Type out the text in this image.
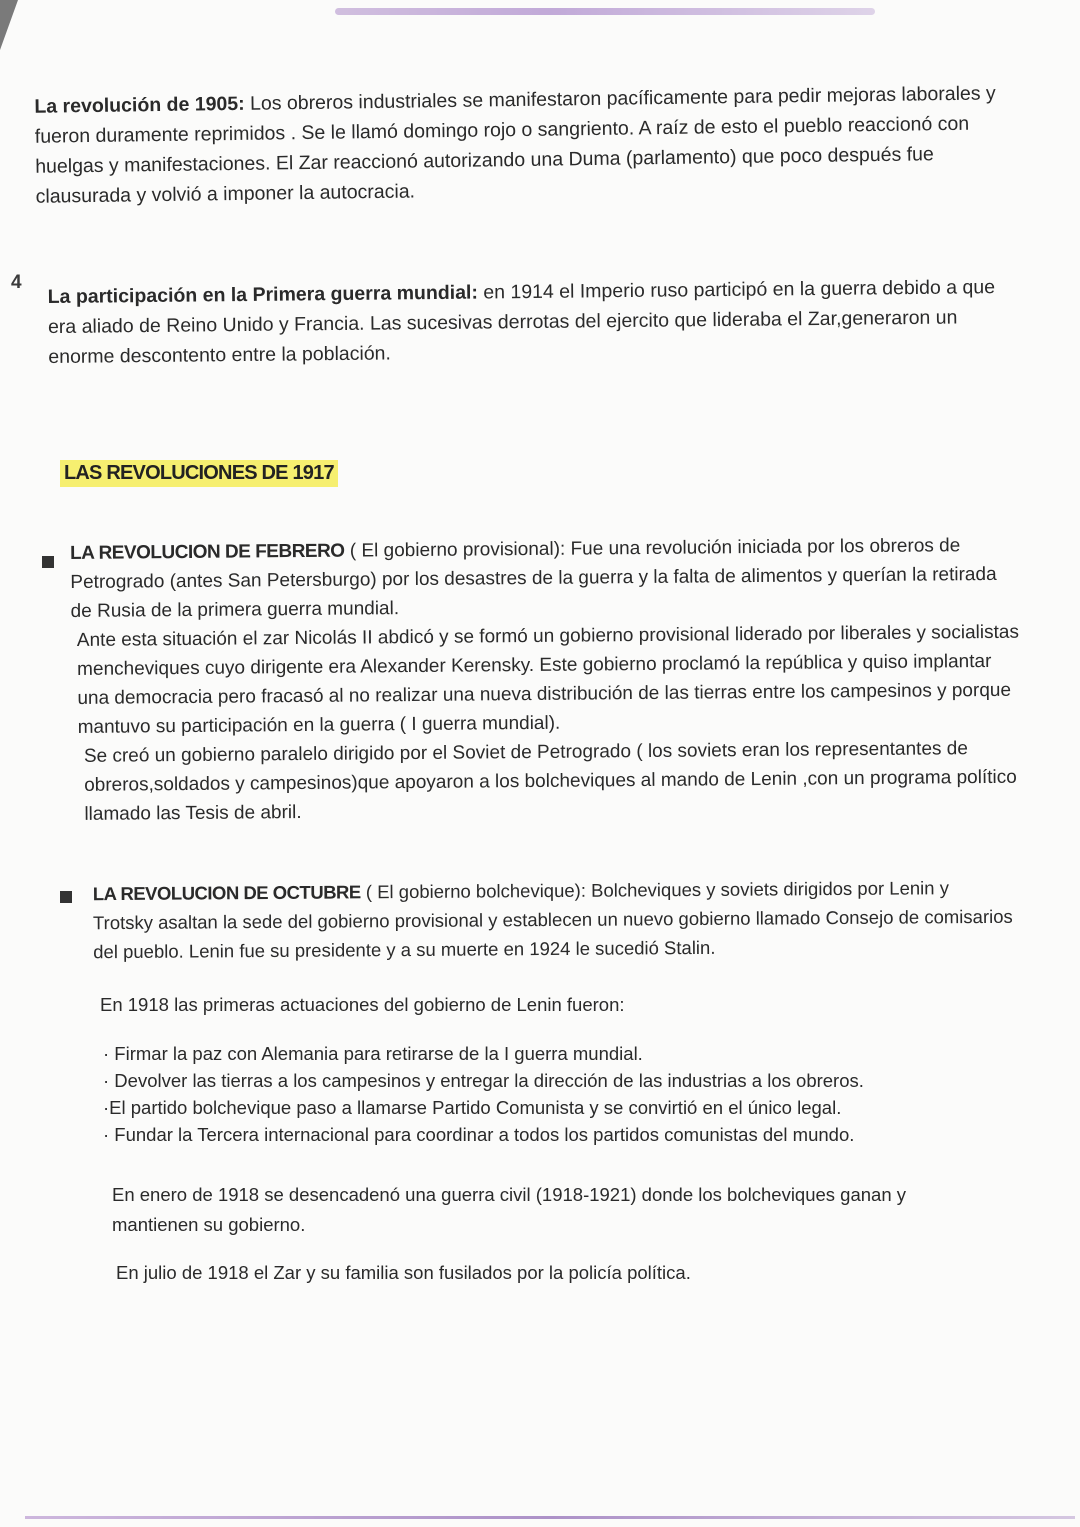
La revolución de 1905: Los obreros industriales se manifestaron pacíficamente para pedir mejoras laborales y fueron duramente reprimidos . Se le llamó domingo rojo o sangriento. A raíz de esto el pueblo reaccionó con huelgas y manifestaciones. El Zar reaccionó autorizando una Duma (parlamento) que poco después fue clausurada y volvió a imponer la autocracia.

4 La participación en la Primera guerra mundial: en 1914 el Imperio ruso participó en la guerra debido a que era aliado de Reino Unido y Francia. Las sucesivas derrotas del ejercito que lideraba el Zar,generaron un enorme descontento entre la población.

LAS REVOLUCIONES DE 1917

LA REVOLUCION DE FEBRERO ( El gobierno provisional): Fue una revolución iniciada por los obreros de Petrogrado (antes San Petersburgo) por los desastres de la guerra y la falta de alimentos y querían la retirada de Rusia de la primera guerra mundial.

Ante esta situación el zar Nicolás II abdicó y se formó un gobierno provisional liderado por liberales y socialistas mencheviques cuyo dirigente era Alexander Kerensky. Este gobierno proclamó la república y quiso implantar una democracia pero fracasó al no realizar una nueva distribución de las tierras entre los campesinos y porque mantuvo su participación en la guerra ( I guerra mundial).

Se creó un gobierno paralelo dirigido por el Soviet de Petrogrado ( los soviets eran los representantes de obreros,soldados y campesinos)que apoyaron a los bolcheviques al mando de Lenin ,con un programa político llamado las Tesis de abril.

LA REVOLUCION DE OCTUBRE ( El gobierno bolchevique): Bolcheviques y soviets dirigidos por Lenin y Trotsky asaltan la sede del gobierno provisional y establecen un nuevo gobierno llamado Consejo de comisarios del pueblo. Lenin fue su presidente y a su muerte en 1924 le sucedió Stalin.

En 1918 las primeras actuaciones del gobierno de Lenin fueron:

· Firmar la paz con Alemania para retirarse de la I guerra mundial.
· Devolver las tierras a los campesinos y entregar la dirección de las industrias a los obreros.
·El partido bolchevique paso a llamarse Partido Comunista y se convirtió en el único legal.
· Fundar la Tercera internacional para coordinar a todos los partidos comunistas del mundo.

En enero de 1918 se desencadenó una guerra civil (1918-1921) donde los bolcheviques ganan y mantienen su gobierno.

En julio de 1918 el Zar y su familia son fusilados por la policía política.
